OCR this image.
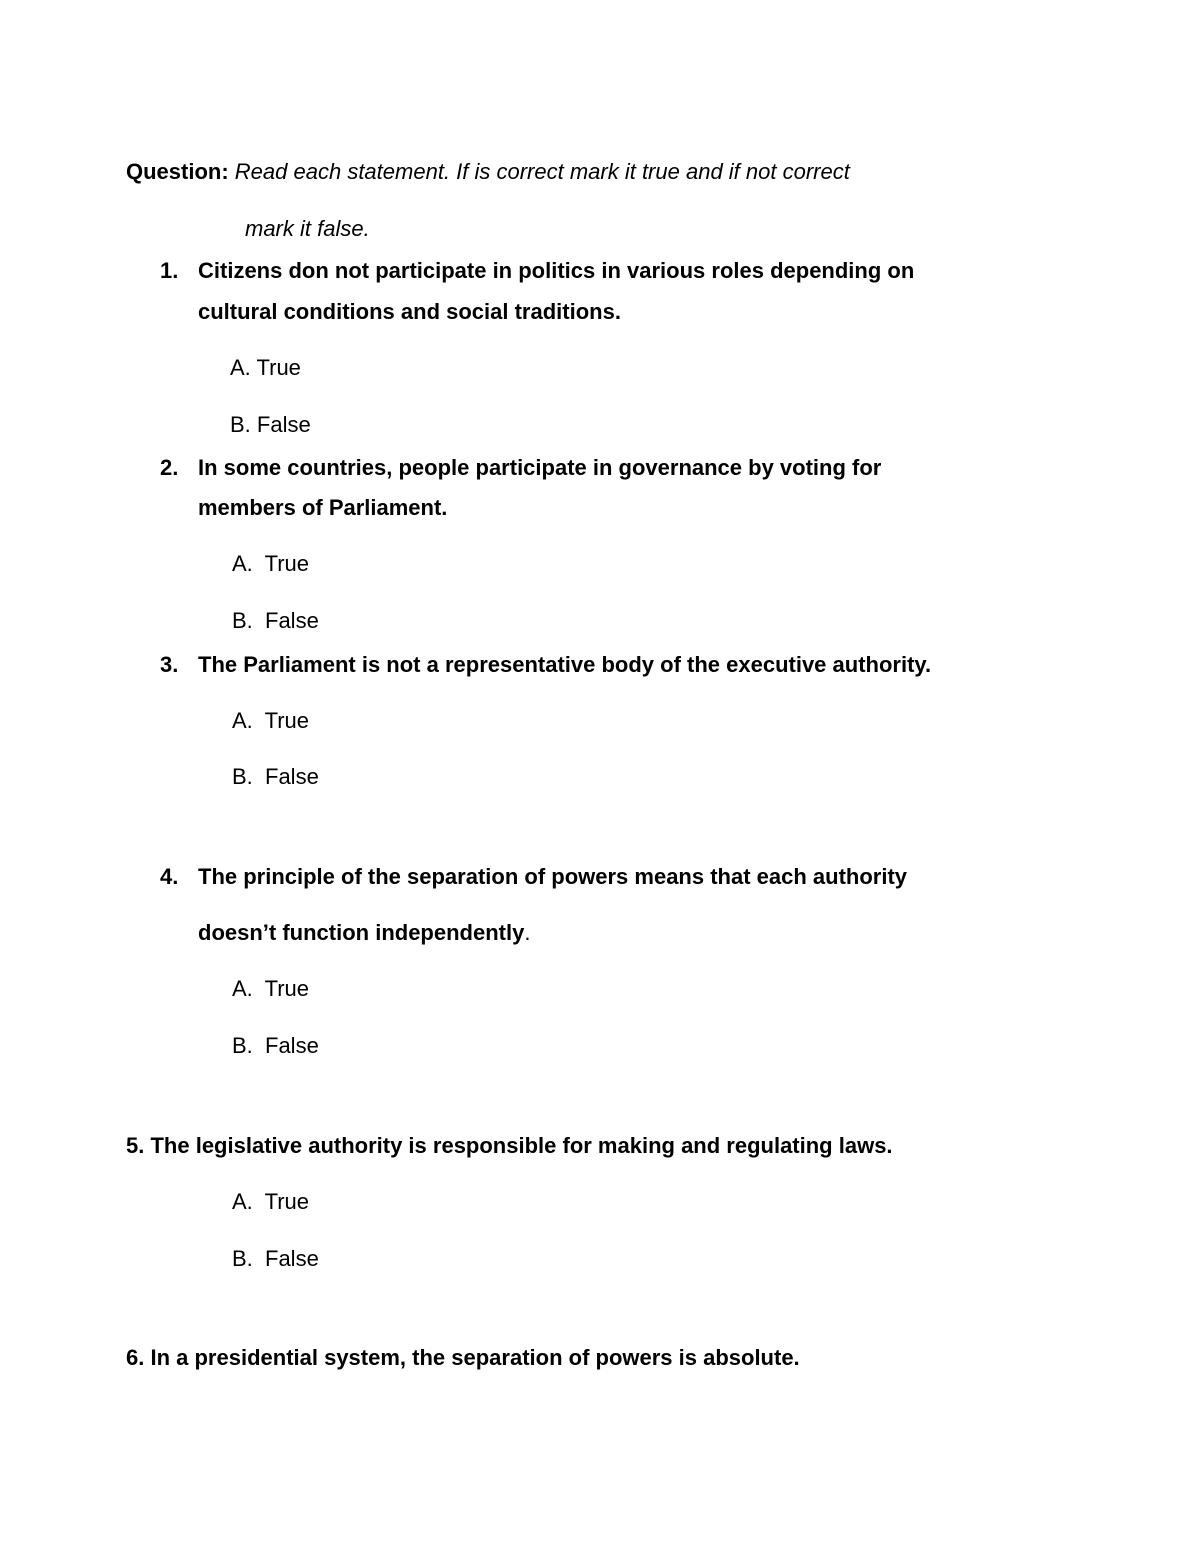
Question: Read each statement. If is correct mark it true and if not correct
mark it false.
1. Citizens don not participate in politics in various roles depending on
cultural conditions and social traditions.
A. True
B. False
2. In some countries, people participate in governance by voting for
members of Parliament.
A.  True
B.  False
3. The Parliament is not a representative body of the executive authority.
A.  True
B.  False
4. The principle of the separation of powers means that each authority
doesn’t function independently.
A.  True
B.  False
5. The legislative authority is responsible for making and regulating laws.
A.  True
B.  False
6. In a presidential system, the separation of powers is absolute.
